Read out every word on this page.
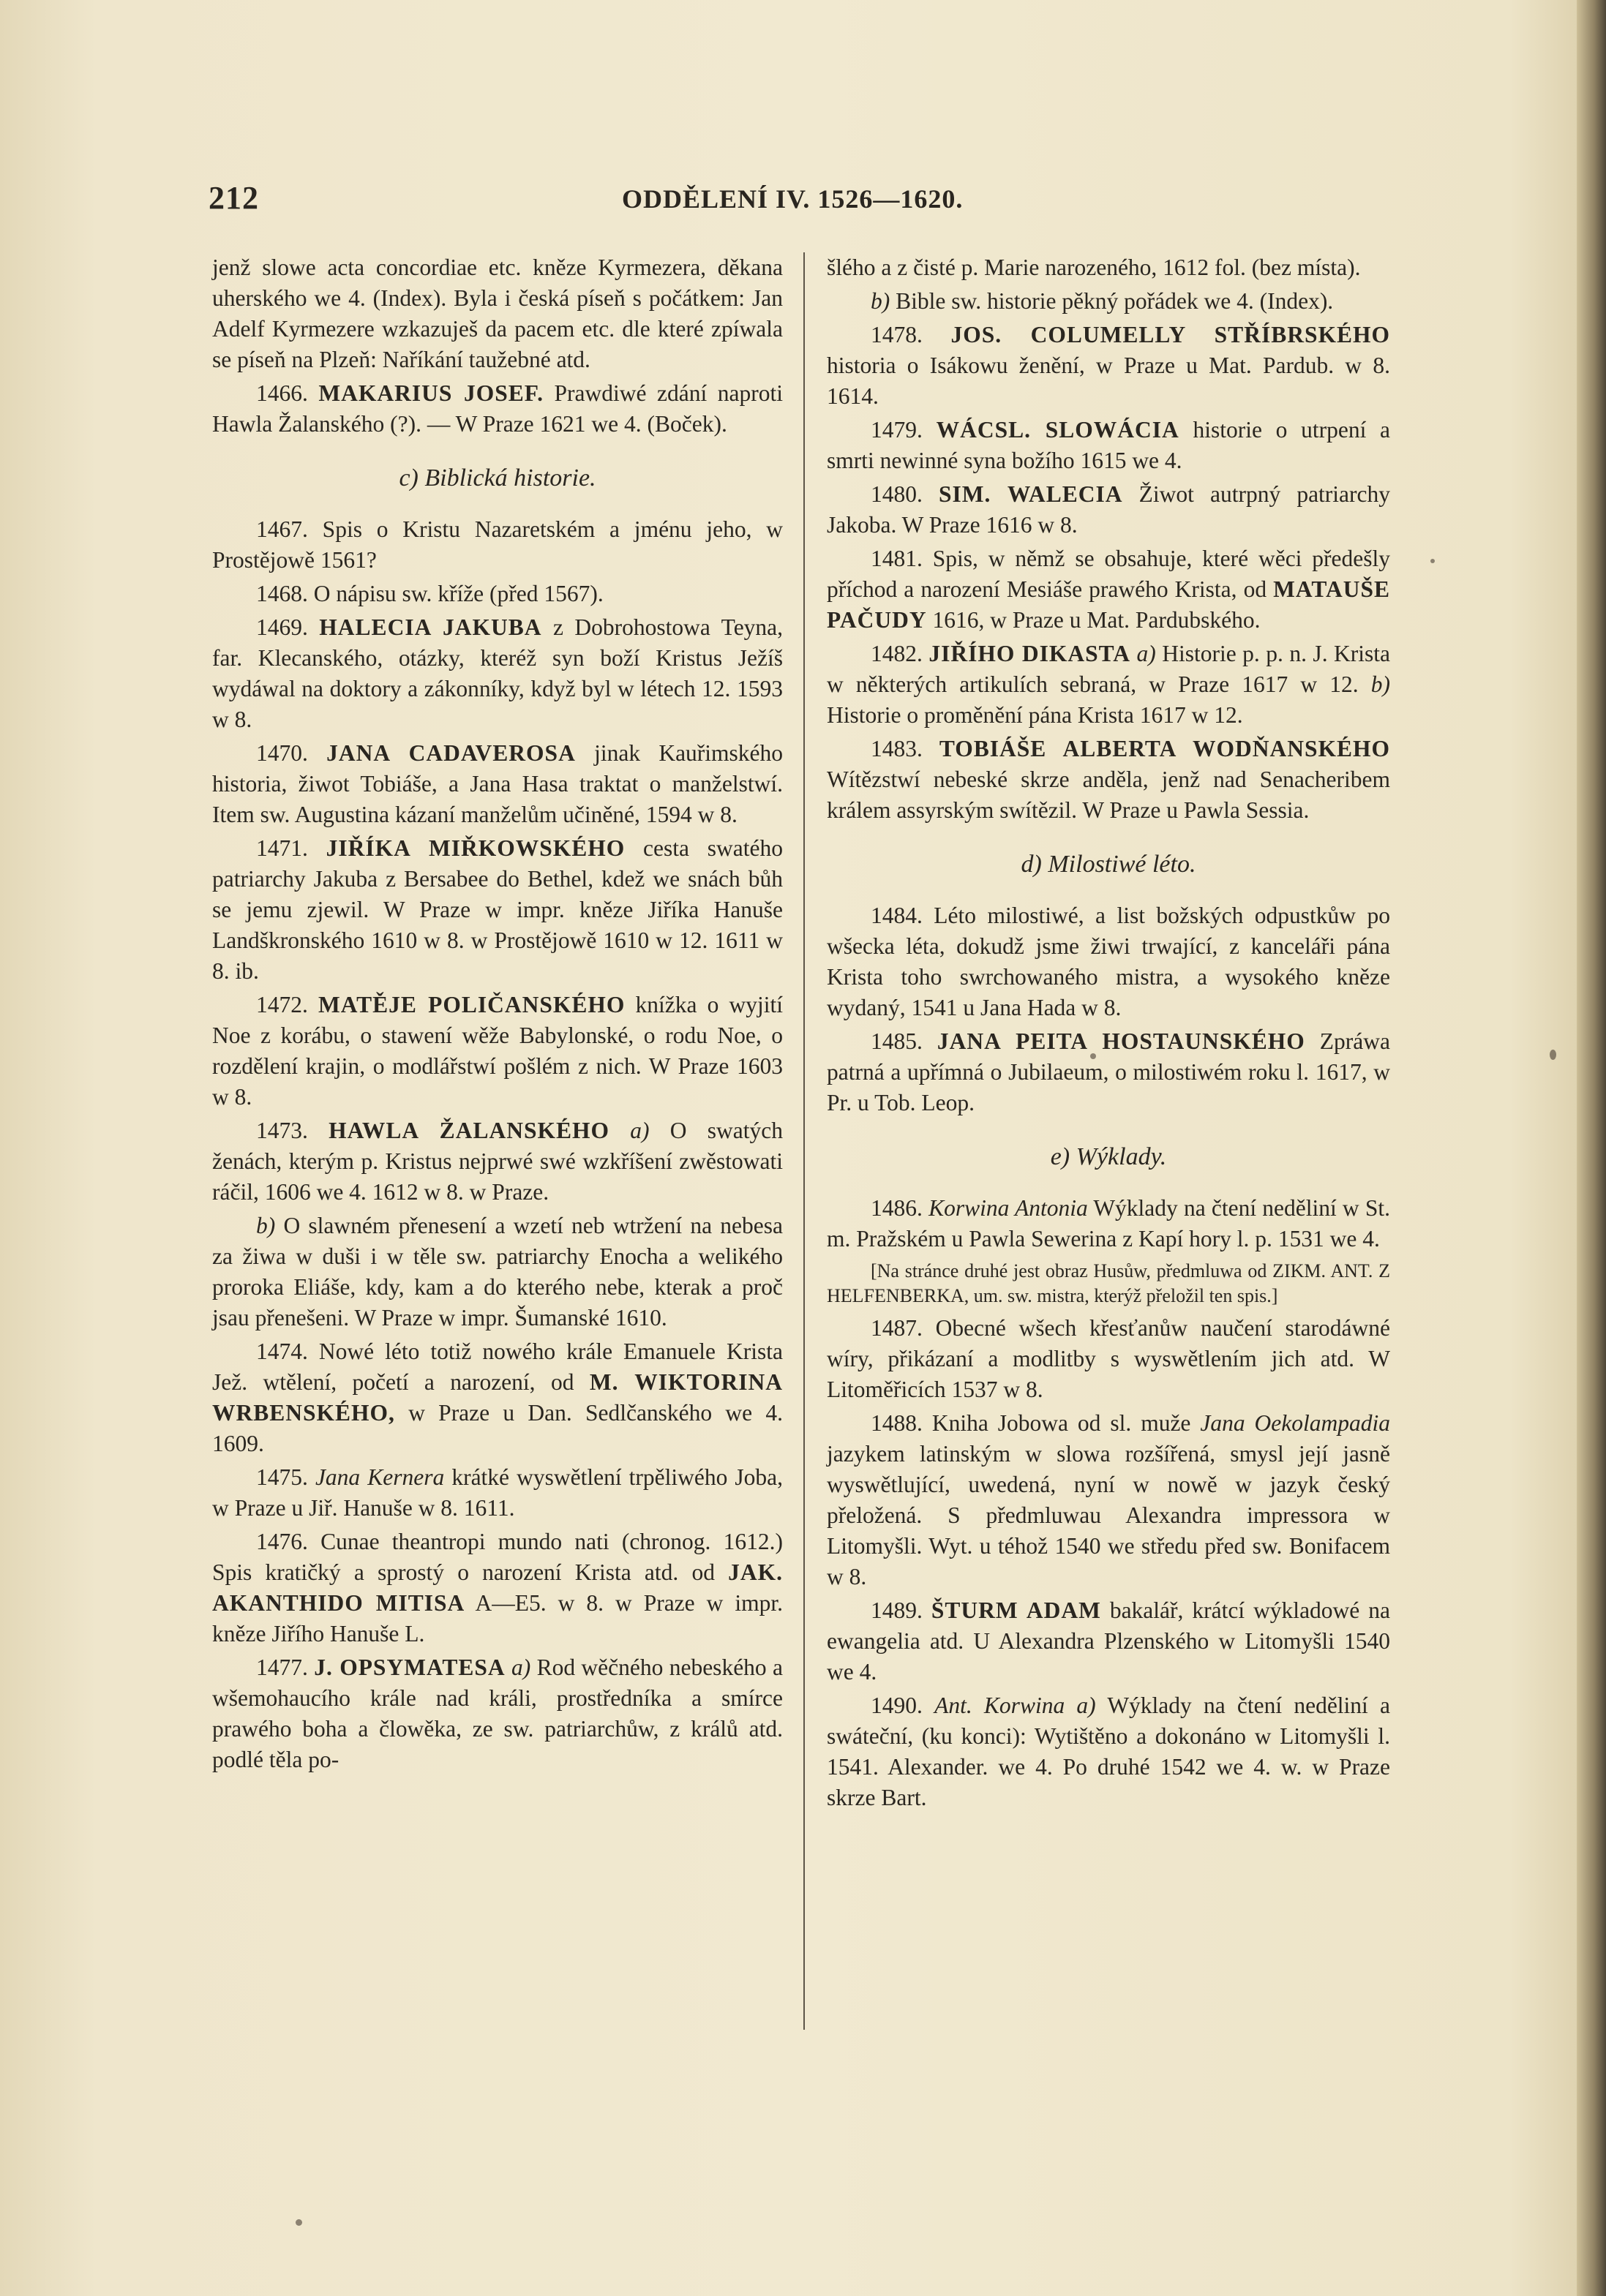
212	ODDĚLENÍ IV. 1526—1620.

jenž slowe acta concordiae etc. kněze Kyrmezera, děkana uherského we 4. (Index). Byla i česká píseň s počátkem: Jan Adelf Kyrmezere wzkazuješ da pacem etc. dle které zpíwala se píseň na Plzeň: Naříkání taužebné atd.

1466. MAKARIUS JOSEF. Prawdiwé zdání naproti Hawla Žalanského (?). — W Praze 1621 we 4. (Boček).

c) Biblická historie.

1467. Spis o Kristu Nazaretském a jménu jeho, w Prostějowě 1561?

1468. O nápisu sw. kříže (před 1567).

1469. HALECIA JAKUBA z Dobrohostowa Teyna, far. Klecanského, otázky, kteréž syn boží Kristus Ježíš wydáwal na doktory a zákonníky, když byl w létech 12. 1593 w 8.

1470. JANA CADAVEROSA jinak Kauřimského historia, žiwot Tobiáše, a Jana Hasa traktat o manželstwí. Item sw. Augustina kázaní manželům učiněné, 1594 w 8.

1471. JIŘÍKA MIŘKOWSKÉHO cesta swatého patriarchy Jakuba z Bersabee do Bethel, kdež we snách bůh se jemu zjewil. W Praze w impr. kněze Jiříka Hanuše Landškronského 1610 w 8. w Prostějowě 1610 w 12. 1611 w 8. ib.

1472. MATĚJE POLIČANSKÉHO knížka o wyjití Noe z korábu, o stawení wěže Babylonské, o rodu Noe, o rozdělení krajin, o modlářstwí pošlém z nich. W Praze 1603 w 8.

1473. HAWLA ŽALANSKÉHO a) O swatých ženách, kterým p. Kristus nejprwé swé wzkříšení zwěstowati ráčil, 1606 we 4. 1612 w 8. w Praze.

b) O slawném přenesení a wzetí neb wtržení na nebesa za žiwa w duši i w těle sw. patriarchy Enocha a welikého proroka Eliáše, kdy, kam a do kterého nebe, kterak a proč jsau přenešeni. W Praze w impr. Šumanské 1610.

1474. Nowé léto totiž nowého krále Emanuele Krista Jež. wtělení, početí a narození, od M. WIKTORINA WRBENSKÉHO, w Praze u Dan. Sedlčanského we 4. 1609.

1475. Jana Kernera krátké wyswětlení trpěliwého Joba, w Praze u Jiř. Hanuše w 8. 1611.

1476. Cunae theantropi mundo nati (chronog. 1612.) Spis kratičký a sprostý o narození Krista atd. od JAK. AKANTHIDO MITISA A—E5. w 8. w Praze w impr. kněze Jiřího Hanuše L.

1477. J. OPSYMATESA a) Rod wěčného nebeského a wšemohaucího krále nad králi, prostředníka a smírce prawého boha a člowěka, ze sw. patriarchůw, z králů atd. podlé těla po-

šlého a z čisté p. Marie narozeného, 1612 fol. (bez místa).

b) Bible sw. historie pěkný pořádek we 4. (Index).

1478. JOS. COLUMELLY STŘÍBRSKÉHO historia o Isákowu ženění, w Praze u Mat. Pardub. w 8. 1614.

1479. WÁCSL. SLOWÁCIA historie o utrpení a smrti newinné syna božího 1615 we 4.

1480. SIM. WALECIA Žiwot autrpný patriarchy Jakoba. W Praze 1616 w 8.

1481. Spis, w němž se obsahuje, které wěci předešly příchod a narození Mesiáše prawého Krista, od MATAUŠE PAČUDY 1616, w Praze u Mat. Pardubského.

1482. JIŘÍHO DIKASTA a) Historie p. p. n. J. Krista w některých artikulích sebraná, w Praze 1617 w 12. b) Historie o proměnění pána Krista 1617 w 12.

1483. TOBIÁŠE ALBERTA WODŇANSKÉHO Wítězstwí nebeské skrze anděla, jenž nad Senacheribem králem assyrským swítězil. W Praze u Pawla Sessia.

d) Milostiwé léto.

1484. Léto milostiwé, a list božských odpustkůw po wšecka léta, dokudž jsme žiwi trwající, z kanceláři pána Krista toho swrchowaného mistra, a wysokého kněze wydaný, 1541 u Jana Hada w 8.

1485. JANA PEITA HOSTAUNSKÉHO Zpráwa patrná a upřímná o Jubilaeum, o milostiwém roku l. 1617, w Pr. u Tob. Leop.

e) Wýklady.

1486. Korwina Antonia Wýklady na čtení neděliní w St. m. Pražském u Pawla Sewerina z Kapí hory l. p. 1531 we 4.

[Na stránce druhé jest obraz Husůw, předmluwa od ZIKM. ANT. Z HELFENBERKA, um. sw. mistra, kterýž přeložil ten spis.]

1487. Obecné wšech křesťanůw naučení starodáwné wíry, přikázaní a modlitby s wyswětlením jich atd. W Litoměřicích 1537 w 8.

1488. Kniha Jobowa od sl. muže Jana Oekolampadia jazykem latinským w slowa rozšířená, smysl její jasně wyswětlující, uwedená, nyní w nowě w jazyk český přeložená. S předmluwau Alexandra impressora w Litomyšli. Wyt. u téhož 1540 we středu před sw. Bonifacem w 8.

1489. ŠTURM ADAM bakalář, krátcí wýkladowé na ewangelia atd. U Alexandra Plzenského w Litomyšli 1540 we 4.

1490. Ant. Korwina a) Wýklady na čtení neděliní a swáteční, (ku konci): Wytištěno a dokonáno w Litomyšli l. 1541. Alexander. we 4. Po druhé 1542 we 4. w. w Praze skrze Bart.
